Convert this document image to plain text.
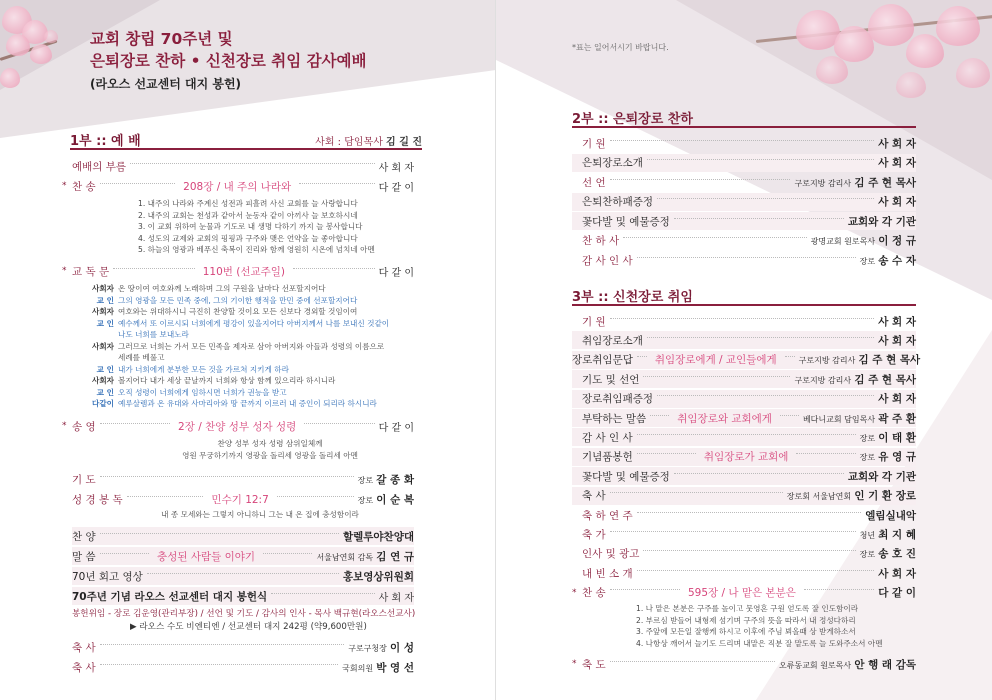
교회 창립 70주년 및
은퇴장로 찬하 • 신천장로 취임 감사예배
(라오스 선교센터 대지 봉헌)
1부 :: 예 배	사회 : 담임목사 김 길 진
예배의 부름	사 회 자
* 찬 송	208장 / 내 주의 나라와	다 같 이
1. 내주의 나라와 주계신 성전과 피흘려 사신 교회를 늘 사랑합니다
2. 내주의 교회는 천성과 같아서 눈동자 같이 아끼사 늘 보호하시네
3. 이 교회 위하여 눈물과 기도로 내 생명 다하기 까지 늘 봉사합니다
4. 성도의 교제와 교회의 핑핑과 구주와 맺은 언약을 늘 좋아합니다
5. 하늘의 영광과 베푸신 축복이 진리와 함께 영원히 시온에 넘치네 아멘
* 교 독 문	110번 (선교주일)	다 같 이
사회자 온 땅이여 여호와께 노래하며 그의 구원을 날마다 선포할지어다
교 인 그의 영광을 모든 민족 중에, 그의 기이한 행적을 만민 중에 선포할지어다
사회자 여호와는 위대하시니 극진히 찬양할 것이요 모든 신보다 경외할 것임이여
교 인 예수께서 또 이르시되 너희에게 평강이 있을지어다 아버지께서 나를 보내신 것같이
나도 너희를 보내노라
사회자 그러므로 너희는 가서 모든 민족을 제자로 삼아 아버지와 아들과 성령의 이름으로
세례를 베풀고
교 인 내가 너희에게 분부한 모든 것을 가르쳐 지키게 하라
사회자 볼지어다 내가 세상 끝날까지 너희와 항상 함께 있으리라 하시니라
교 인 오직 성령이 너희에게 임하시면 너희가 권능을 받고
다같이 예루살렘과 온 유대와 사마리아와 땅 끝까지 이르러 내 증인이 되리라 하시니라
* 송 영	2장 / 찬양 성부 성자 성령	다 같 이
찬양 성부 성자 성령 삼위일체께
영원 무궁하기까지 영광을 돌리세 영광을 돌리세 아멘
기 도	장로 갈 종 화
성 경 봉 독	민수기 12:7	장로 이 순 복
내 종 모세와는 그렇지 아니하니 그는 내 온 집에 충성함이라
찬 양	할렐루야찬양대
말 씀	충성된 사람들 이야기	서울남연회 감독 김 연 규
70년 회고 영상	홍보영상위원회
70주년 기념 라오스 선교센터 대지 봉헌식	사 회 자
봉헌위임 - 장로 김운영(관리부장) / 선언 및 기도 / 감사의 인사 - 목사 백규현(라오스선교사)
▶ 라오스 수도 비엔티엔 / 선교센터 대지 242평 (약9,600만원)
축 사	구로구청장 이 성
축 사	국회의원 박 영 선
*표는 일어서시기 바랍니다.
2부 :: 은퇴장로 찬하
기 원	사 회 자
은퇴장로소개	사 회 자
선 언	구로지방 감리사 김 주 현 목사
은퇴찬하패증정	사 회 자
꽃다발 및 예물증정	교회와 각 기관
찬 하 사	광명교회 원로목사 이 정 규
감 사 인 사	장로 송 수 자
3부 :: 신천장로 취임
기 원	사 회 자
취임장로소개	사 회 자
장로취임문답	취임장로에게 / 교인들에게	구로지방 감리사 김 주 현 목사
기도 및 선언	구로지방 감리사 김 주 현 목사
장로취임패증정	사 회 자
부탁하는 말씀	취임장로와 교회에게	베다니교회 담임목사 곽 주 환
감 사 인 사	장로 이 태 환
기념품봉헌	취임장로가 교회에	장로 유 영 규
꽃다발 및 예물증정	교회와 각 기관
축 사	장로회 서울남연회 인 기 환 장로
축 하 연 주	엘림실내악
축 가	청년 최 지 혜
인사 및 광고	장로 송 호 진
내 빈 소 개	사 회 자
* 찬 송	595장 / 나 맡은 본분은	다 같 이
* 축 도	오류동교회 원로목사 안 행 래 감독
1. 나 맡은 본분은 구주를 높이고 뭇영혼 구원 얻도록 잘 인도함이라
2. 부르심 받들어 내형제 섬기며 구주의 뜻을 따라서 내 정성다하리
3. 주앞에 모든일 잘행케 하시고 이후에 주님 뵈올때 상 받게하소서
4. 나항상 깨어서 늘기도 드리며 내맡은 직분 잘 맡도록 늘 도와주소서 아멘
